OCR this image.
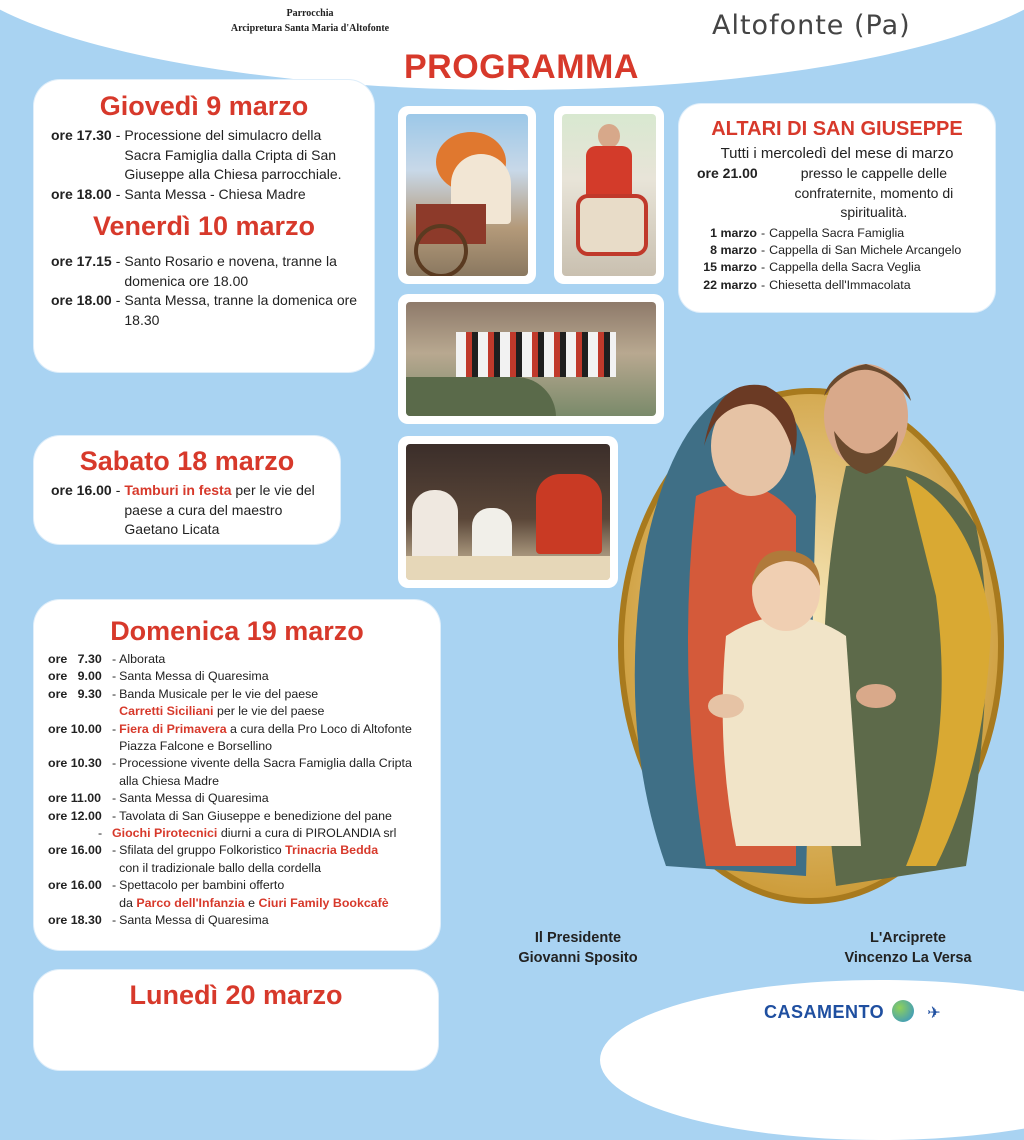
Parrocchia
Arcipretura Santa Maria d'Altofonte	Altofonte (Pa)
PROGRAMMA
Giovedì 9 marzo
ore 17.30 - Processione del simulacro della Sacra Famiglia dalla Cripta di San Giuseppe alla Chiesa parrocchiale.
ore 18.00 - Santa Messa - Chiesa Madre
Venerdì 10 marzo
ore 17.15 - Santo Rosario e novena, tranne la domenica ore 18.00
ore 18.00 - Santa Messa, tranne la domenica ore 18.30
Sabato 18 marzo
ore 16.00 - Tamburi in festa per le vie del paese a cura del maestro Gaetano Licata
ALTARI DI SAN GIUSEPPE
Tutti i mercoledì del mese di marzo
ore 21.00	presso le cappelle delle confraternite, momento di spiritualità.
1 marzo - Cappella Sacra Famiglia
8 marzo - Cappella di San Michele Arcangelo
15 marzo - Cappella della Sacra Veglia
22 marzo - Chiesetta dell'Immacolata
Domenica 19 marzo
ore   7.30 - Alborata
ore   9.00 - Santa Messa di Quaresima
ore   9.30 - Banda Musicale per le vie del paese
Carretti Siciliani per le vie del paese
ore 10.00 - Fiera di Primavera a cura della Pro Loco di Altofonte Piazza Falcone e Borsellino
ore 10.30 - Processione vivente della Sacra Famiglia dalla Cripta alla Chiesa Madre
ore 11.00 - Santa Messa di Quaresima
ore 12.00 - Tavolata di San Giuseppe e benedizione del pane
- Giochi Pirotecnici diurni a cura di PIROLANDIA srl
ore 16.00 - Sfilata del gruppo Folkoristico Trinacria Bedda
con il tradizionale ballo della cordella
ore 16.00 - Spettacolo per bambini offerto
da Parco dell'Infanzia e Ciuri Family Bookcafè
ore 18.30 - Santa Messa di Quaresima
Lunedì 20 marzo
Il Presidente
Giovanni Sposito
L'Arciprete
Vincenzo La Versa
CASAMENTO	✈
